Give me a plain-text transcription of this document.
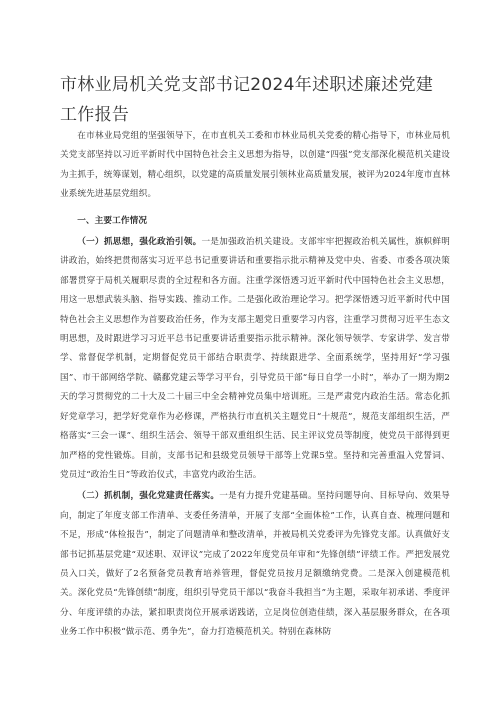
市林业局机关党支部书记2024年述职述廉述党建工作报告

在市林业局党组的坚强领导下，在市直机关工委和市林业局机关党委的精心指导下，市林业局机关党支部坚持以习近平新时代中国特色社会主义思想为指导，以创建“四强”党支部深化模范机关建设为主抓手，统筹谋划，精心组织，以党建的高质量发展引领林业高质量发展，被评为2024年度市直林业系统先进基层党组织。

一、主要工作情况

（一）抓思想，强化政治引领。一是加强政治机关建设。支部牢牢把握政治机关属性，旗帜鲜明讲政治，始终把贯彻落实习近平总书记重要讲话和重要指示批示精神及党中央、省委、市委各项决策部署贯穿于局机关履职尽责的全过程和各方面。注重学深悟透习近平新时代中国特色社会主义思想，用这一思想武装头脑、指导实践、推动工作。二是强化政治理论学习。把学深悟透习近平新时代中国特色社会主义思想作为首要政治任务，作为支部主题党日重要学习内容，注重学习贯彻习近平生态文明思想，及时跟进学习习近平总书记重要讲话重要指示批示精神。深化领导领学、专家讲学、发言带学、常督促学机制，定期督促党员干部结合职责学、持续跟进学、全面系统学，坚持用好“学习强国”、市干部网络学院、赣鄱党建云等学习平台，引导党员干部“每日自学一小时”，举办了一期为期2天的学习贯彻党的二十大及二十届三中全会精神党员集中培训班。三是严肃党内政治生活。常态化抓好党章学习，把学好党章作为必修课，严格执行市直机关主题党日“十规范”，规范支部组织生活，严格落实“三会一课”、组织生活会、领导干部双重组织生活、民主评议党员等制度，使党员干部得到更加严格的党性锻炼。目前，支部书记和县级党员领导干部等上党课5堂。坚持和完善重温入党誓词、党员过“政治生日”等政治仪式，丰富党内政治生活。

（二）抓机制，强化党建责任落实。一是有力提升党建基础。坚持问题导向、目标导向、效果导向，制定了年度支部工作清单、支委任务清单，开展了支部“全面体检”工作，认真自查、梳理问题和不足，形成“体检报告”，制定了问题清单和整改清单，并被局机关党委评为先锋党支部。认真做好支部书记抓基层党建“双述职、双评议”完成了2022年度党员年审和“先锋创绩”评绩工作。严把发展党员入口关，做好了2名预备党员教育培养管理，督促党员按月足额缴纳党费。二是深入创建模范机关。深化党员“先锋创绩”制度，组织引导党员干部以“我奋斗我担当”为主题，采取年初承诺、季度评分、年度评绩的办法，紧扣职责岗位开展承诺践诺，立足岗位创造佳绩，深入基层服务群众，在各项业务工作中积极“做示范、勇争先”，奋力打造模范机关。特别在森林防
